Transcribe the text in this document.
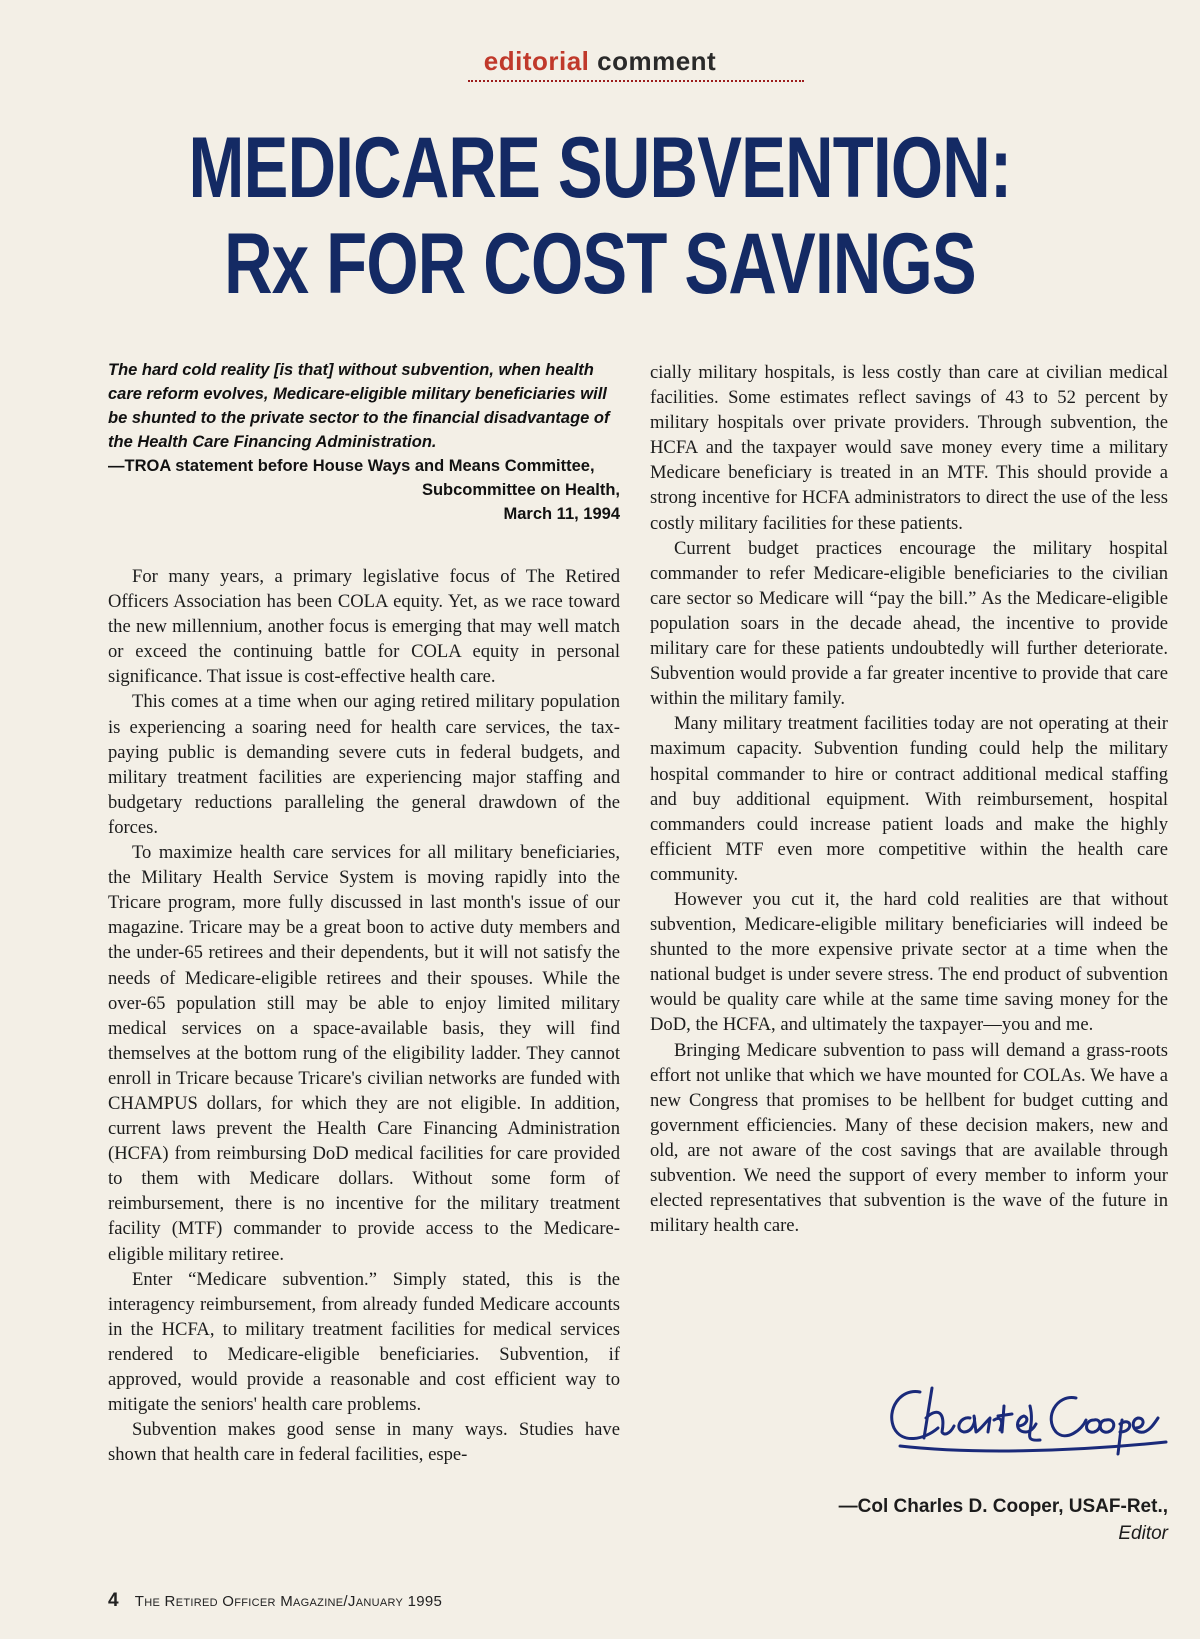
editorial comment
MEDICARE SUBVENTION:
Rx FOR COST SAVINGS
The hard cold reality [is that] without subvention, when health care reform evolves, Medicare-eligible military beneficiaries will be shunted to the private sector to the financial disadvantage of the Health Care Financing Administration.
—TROA statement before House Ways and Means Committee,
Subcommittee on Health,
March 11, 1994

For many years, a primary legislative focus of The Retired Officers Association has been COLA equity. Yet, as we race toward the new millennium, another focus is emerging that may well match or exceed the continuing battle for COLA equity in personal significance. That issue is cost-effective health care.

This comes at a time when our aging retired military population is experiencing a soaring need for health care services, the tax-paying public is demanding severe cuts in federal budgets, and military treatment facilities are experiencing major staffing and budgetary reductions paralleling the general drawdown of the forces.

To maximize health care services for all military beneficiaries, the Military Health Service System is moving rapidly into the Tricare program, more fully discussed in last month's issue of our magazine. Tricare may be a great boon to active duty members and the under-65 retirees and their dependents, but it will not satisfy the needs of Medicare-eligible retirees and their spouses. While the over-65 population still may be able to enjoy limited military medical services on a space-available basis, they will find themselves at the bottom rung of the eligibility ladder. They cannot enroll in Tricare because Tricare's civilian networks are funded with CHAMPUS dollars, for which they are not eligible. In addition, current laws prevent the Health Care Financing Administration (HCFA) from reimbursing DoD medical facilities for care provided to them with Medicare dollars. Without some form of reimbursement, there is no incentive for the military treatment facility (MTF) commander to provide access to the Medicare-eligible military retiree.

Enter “Medicare subvention.” Simply stated, this is the interagency reimbursement, from already funded Medicare accounts in the HCFA, to military treatment facilities for medical services rendered to Medicare-eligible beneficiaries. Subvention, if approved, would provide a reasonable and cost efficient way to mitigate the seniors' health care problems.

Subvention makes good sense in many ways. Studies have shown that health care in federal facilities, espe-

cially military hospitals, is less costly than care at civilian medical facilities. Some estimates reflect savings of 43 to 52 percent by military hospitals over private providers. Through subvention, the HCFA and the taxpayer would save money every time a military Medicare beneficiary is treated in an MTF. This should provide a strong incentive for HCFA administrators to direct the use of the less costly military facilities for these patients.

Current budget practices encourage the military hospital commander to refer Medicare-eligible beneficiaries to the civilian care sector so Medicare will “pay the bill.” As the Medicare-eligible population soars in the decade ahead, the incentive to provide military care for these patients undoubtedly will further deteriorate. Subvention would provide a far greater incentive to provide that care within the military family.

Many military treatment facilities today are not operating at their maximum capacity. Subvention funding could help the military hospital commander to hire or contract additional medical staffing and buy additional equipment. With reimbursement, hospital commanders could increase patient loads and make the highly efficient MTF even more competitive within the health care community.

However you cut it, the hard cold realities are that without subvention, Medicare-eligible military beneficiaries will indeed be shunted to the more expensive private sector at a time when the national budget is under severe stress. The end product of subvention would be quality care while at the same time saving money for the DoD, the HCFA, and ultimately the taxpayer—you and me.

Bringing Medicare subvention to pass will demand a grass-roots effort not unlike that which we have mounted for COLAs. We have a new Congress that promises to be hellbent for budget cutting and government efficiencies. Many of these decision makers, new and old, are not aware of the cost savings that are available through subvention. We need the support of every member to inform your elected representatives that subvention is the wave of the future in military health care.

—Col Charles D. Cooper, USAF-Ret.,
Editor
4 The Retired Officer Magazine/January 1995
